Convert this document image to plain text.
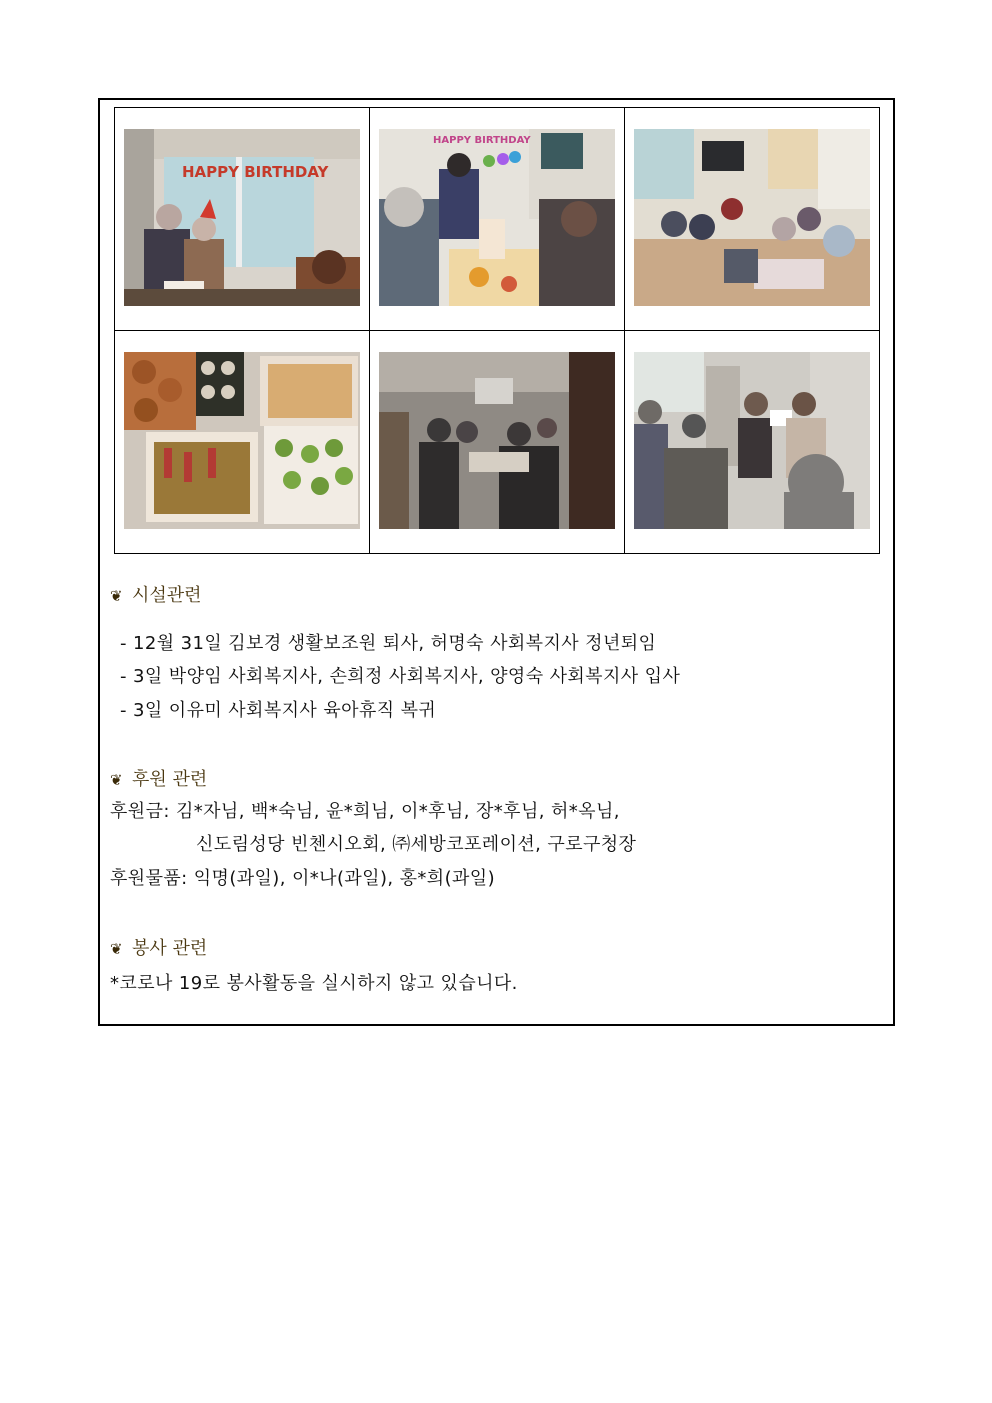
HAPPY BIRTHDAY	HAPPY BIRTHDAY

❦ 시설관련
- 12월 31일 김보경 생활보조원 퇴사, 허명숙 사회복지사 정년퇴임
- 3일 박양임 사회복지사, 손희정 사회복지사, 양영숙 사회복지사 입사
- 3일 이유미 사회복지사 육아휴직 복귀
❦ 후원 관련
후원금: 김*자님, 백*숙님, 윤*희님, 이*후님, 장*후님, 허*옥님,
신도림성당 빈첸시오회, ㈜세방코포레이션, 구로구청장
후원물품: 익명(과일), 이*나(과일), 홍*희(과일)
❦ 봉사 관련
*코로나 19로 봉사활동을 실시하지 않고 있습니다.
